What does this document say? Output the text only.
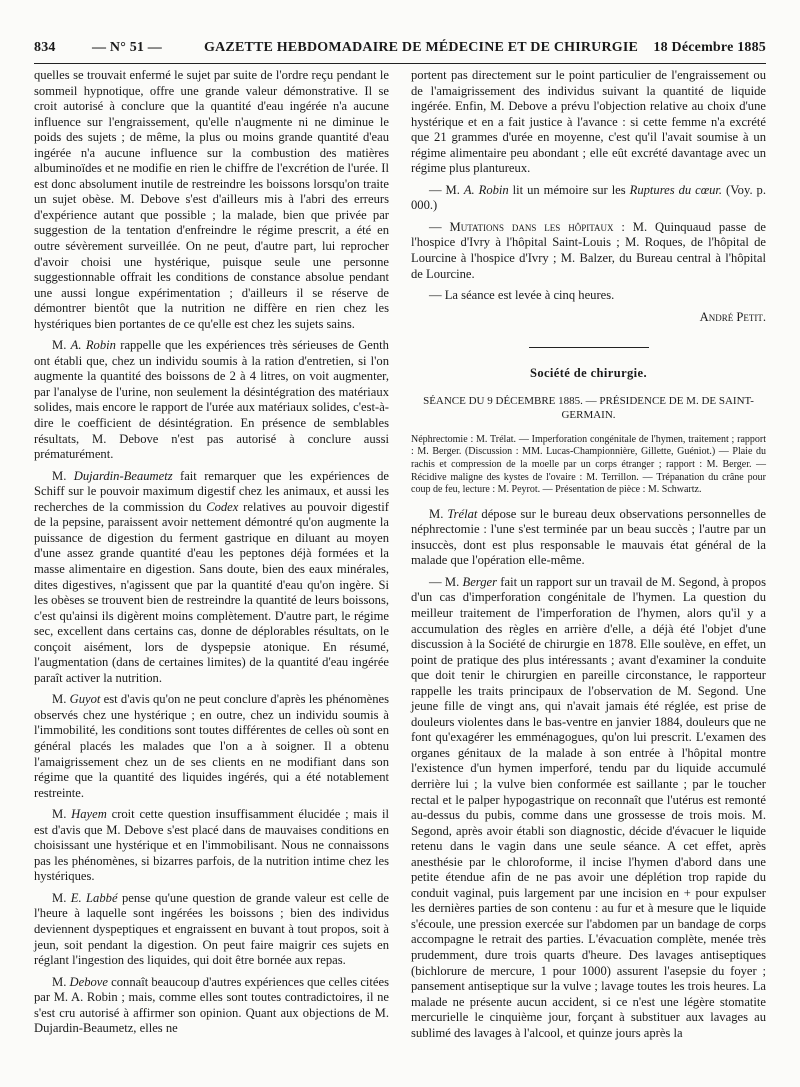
834	— N° 51 —	GAZETTE HEBDOMADAIRE DE MÉDECINE ET DE CHIRURGIE 18 Décembre 1885

quelles se trouvait enfermé le sujet par suite de l'ordre reçu pendant le sommeil hypnotique, offre une grande valeur démonstrative. Il se croit autorisé à conclure que la quantité d'eau ingérée n'a aucune influence sur l'engraissement, qu'elle n'augmente ni ne diminue le poids des sujets ; de même, la plus ou moins grande quantité d'eau ingérée n'a aucune influence sur la combustion des matières albuminoïdes et ne modifie en rien le chiffre de l'excrétion de l'urée. Il est donc absolument inutile de restreindre les boissons lorsqu'on traite un sujet obèse. M. Debove s'est d'ailleurs mis à l'abri des erreurs d'expérience autant que possible ; la malade, bien que privée par suggestion de la tentation d'enfreindre le régime prescrit, a été en outre sévèrement surveillée. On ne peut, d'autre part, lui reprocher d'avoir choisi une hystérique, puisque seule une personne suggestionnable offrait les conditions de constance absolue pendant une aussi longue expérimentation ; d'ailleurs il se réserve de démontrer bientôt que la nutrition ne diffère en rien chez les hystériques bien portantes de ce qu'elle est chez les sujets sains.

M. A. Robin rappelle que les expériences très sérieuses de Genth ont établi que, chez un individu soumis à la ration d'entretien, si l'on augmente la quantité des boissons de 2 à 4 litres, on voit augmenter, par l'analyse de l'urine, non seulement la désintégration des matériaux solides, mais encore le rapport de l'urée aux matériaux solides, c'est-à-dire le coefficient de désintégration. En présence de semblables résultats, M. Debove n'est pas autorisé à conclure aussi prématurément.

M. Dujardin-Beaumetz fait remarquer que les expériences de Schiff sur le pouvoir maximum digestif chez les animaux, et aussi les recherches de la commission du Codex relatives au pouvoir digestif de la pepsine, paraissent avoir nettement démontré qu'on augmente la puissance de digestion du ferment gastrique en diluant au moyen d'une assez grande quantité d'eau les peptones déjà formées et la masse alimentaire en digestion. Sans doute, bien des eaux minérales, dites digestives, n'agissent que par la quantité d'eau qu'on ingère. Si les obèses se trouvent bien de restreindre la quantité de leurs boissons, c'est qu'ainsi ils digèrent moins complètement. D'autre part, le régime sec, excellent dans certains cas, donne de déplorables résultats, on le conçoit aisément, lors de dyspepsie atonique. En résumé, l'augmentation (dans de certaines limites) de la quantité d'eau ingérée paraît activer la nutrition.

M. Guyot est d'avis qu'on ne peut conclure d'après les phénomènes observés chez une hystérique ; en outre, chez un individu soumis à l'immobilité, les conditions sont toutes différentes de celles où sont en général placés les malades que l'on a à soigner. Il a obtenu l'amaigrissement chez un de ses clients en ne modifiant dans son régime que la quantité des liquides ingérés, qui a été notablement restreinte.

M. Hayem croit cette question insuffisamment élucidée ; mais il est d'avis que M. Debove s'est placé dans de mauvaises conditions en choisissant une hystérique et en l'immobilisant. Nous ne connaissons pas les phénomènes, si bizarres parfois, de la nutrition intime chez les hystériques.

M. E. Labbé pense qu'une question de grande valeur est celle de l'heure à laquelle sont ingérées les boissons ; bien des individus deviennent dyspeptiques et engraissent en buvant à tout propos, soit à jeun, soit pendant la digestion. On peut faire maigrir ces sujets en réglant l'ingestion des liquides, qui doit être bornée aux repas.

M. Debove connaît beaucoup d'autres expériences que celles citées par M. A. Robin ; mais, comme elles sont toutes contradictoires, il ne s'est cru autorisé à affirmer son opinion. Quant aux objections de M. Dujardin-Beaumetz, elles ne

portent pas directement sur le point particulier de l'engraissement ou de l'amaigrissement des individus suivant la quantité de liquide ingérée. Enfin, M. Debove a prévu l'objection relative au choix d'une hystérique et en a fait justice à l'avance : si cette femme n'a excrété que 21 grammes d'urée en moyenne, c'est qu'il l'avait soumise à un régime alimentaire peu abondant ; elle eût excrété davantage avec un régime plus plantureux.

— M. A. Robin lit un mémoire sur les Ruptures du cœur. (Voy. p. 000.)

— Mutations dans les hôpitaux : M. Quinquaud passe de l'hospice d'Ivry à l'hôpital Saint-Louis ; M. Roques, de l'hôpital de Lourcine à l'hospice d'Ivry ; M. Balzer, du Bureau central à l'hôpital de Lourcine.

— La séance est levée à cinq heures.

André Petit.

Société de chirurgie.
SÉANCE DU 9 DÉCEMBRE 1885. — PRÉSIDENCE DE M. DE SAINT-GERMAIN.
Néphrectomie : M. Trélat. — Imperforation congénitale de l'hymen, traitement ; rapport : M. Berger. (Discussion : MM. Lucas-Championnière, Gillette, Guéniot.) — Plaie du rachis et compression de la moelle par un corps étranger ; rapport : M. Berger. — Récidive maligne des kystes de l'ovaire : M. Terrillon. — Trépanation du crâne pour coup de feu, lecture : M. Peyrot. — Présentation de pièce : M. Schwartz.

M. Trélat dépose sur le bureau deux observations personnelles de néphrectomie : l'une s'est terminée par un beau succès ; l'autre par un insuccès, dont est plus responsable le mauvais état général de la malade que l'opération elle-même.

— M. Berger fait un rapport sur un travail de M. Segond, à propos d'un cas d'imperforation congénitale de l'hymen. La question du meilleur traitement de l'imperforation de l'hymen, alors qu'il y a accumulation des règles en arrière d'elle, a déjà été l'objet d'une discussion à la Société de chirurgie en 1878. Elle soulève, en effet, un point de pratique des plus intéressants ; avant d'examiner la conduite que doit tenir le chirurgien en pareille circonstance, le rapporteur rappelle les traits principaux de l'observation de M. Segond. Une jeune fille de vingt ans, qui n'avait jamais été réglée, est prise de douleurs violentes dans le bas-ventre en janvier 1884, douleurs que ne font qu'exagérer les emménagogues, qu'on lui prescrit. L'examen des organes génitaux de la malade à son entrée à l'hôpital montre l'existence d'un hymen imperforé, tendu par du liquide accumulé derrière lui ; la vulve bien conformée est saillante ; par le toucher rectal et le palper hypogastrique on reconnaît que l'utérus est remonté au-dessus du pubis, comme dans une grossesse de trois mois. M. Segond, après avoir établi son diagnostic, décide d'évacuer le liquide retenu dans le vagin dans une seule séance. A cet effet, après anesthésie par le chloroforme, il incise l'hymen d'abord dans une petite étendue afin de ne pas avoir une déplétion trop rapide du conduit vaginal, puis largement par une incision en + pour expulser les dernières parties de son contenu : au fur et à mesure que le liquide s'écoule, une pression exercée sur l'abdomen par un bandage de corps accompagne le retrait des parties. L'évacuation complète, menée très prudemment, dure trois quarts d'heure. Des lavages antiseptiques (bichlorure de mercure, 1 pour 1000) assurent l'asepsie du foyer ; pansement antiseptique sur la vulve ; lavage toutes les trois heures. La malade ne présente aucun accident, si ce n'est une légère stomatite mercurielle le cinquième jour, forçant à substituer aux lavages au sublimé des lavages à l'alcool, et quinze jours après la
